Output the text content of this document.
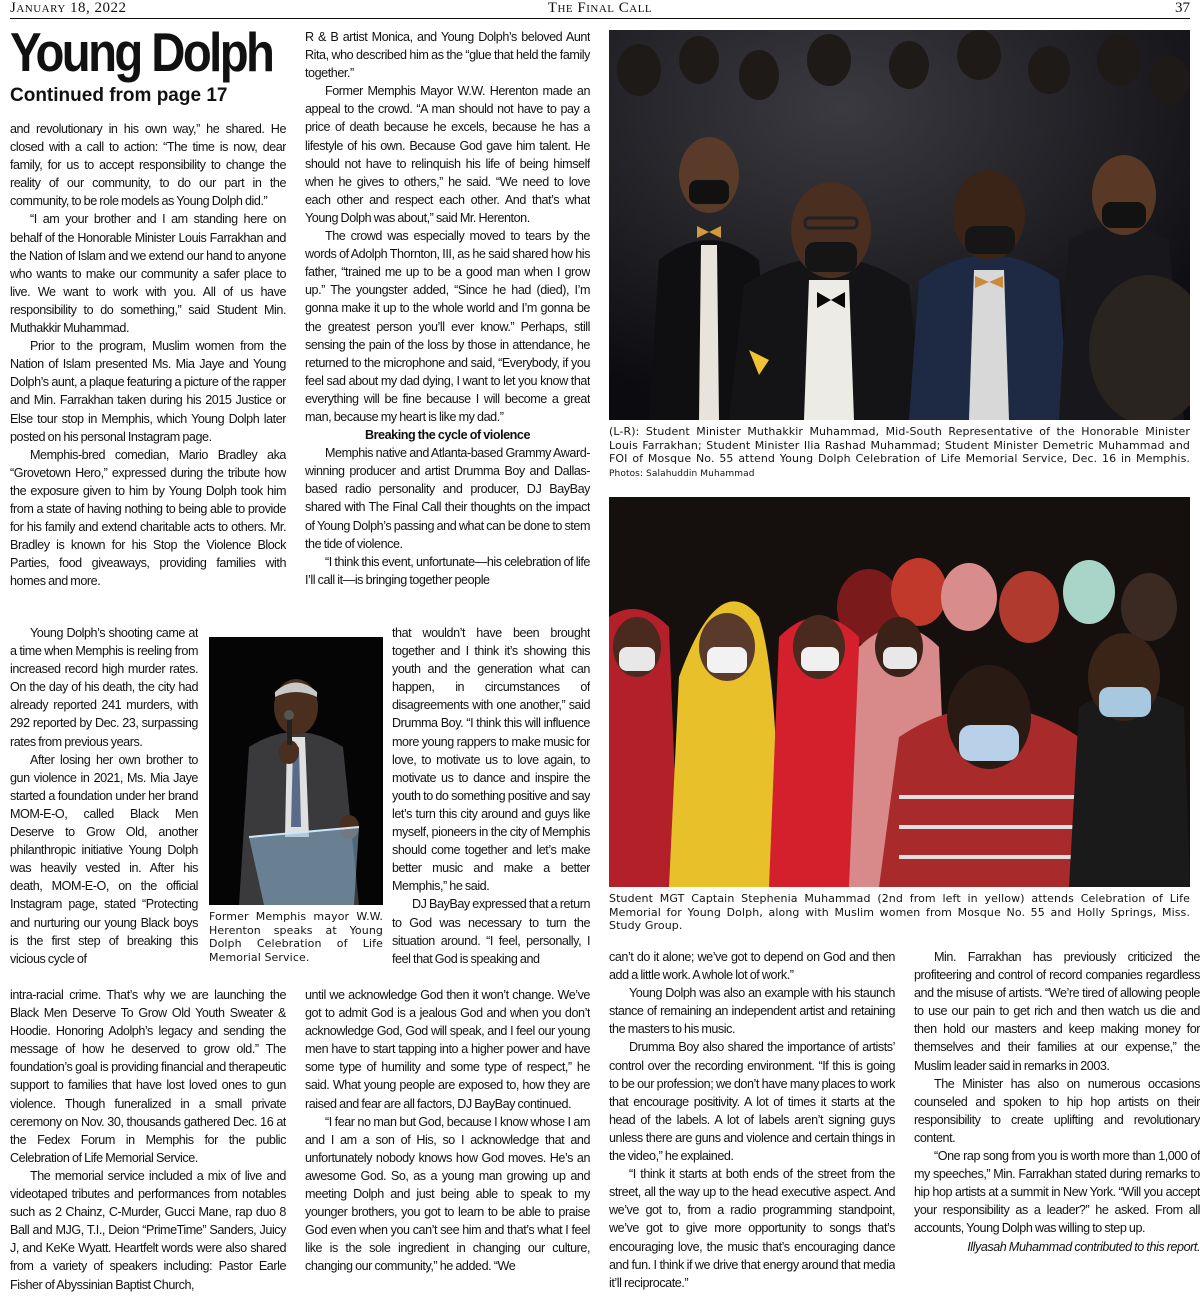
January 18, 2022	The Final Call	37
Young Dolph
Continued from page 17

and revolutionary in his own way,” he shared. He closed with a call to action: “The time is now, dear family, for us to accept responsibility to change the reality of our community, to do our part in the community, to be role models as Young Dolph did.”

“I am your brother and I am standing here on behalf of the Honorable Minister Louis Farrakhan and the Nation of Islam and we extend our hand to anyone who wants to make our community a safer place to live. We want to work with you. All of us have responsibility to do something,” said Student Min. Muthakkir Muhammad.

Prior to the program, Muslim women from the Nation of Islam presented Ms. Mia Jaye and Young Dolph’s aunt, a plaque featuring a picture of the rapper and Min. Farrakhan taken during his 2015 Justice or Else tour stop in Memphis, which Young Dolph later posted on his personal Instagram page.

Memphis-bred comedian, Mario Bradley aka “Grovetown Hero,” expressed during the tribute how the exposure given to him by Young Dolph took him from a state of having nothing to being able to provide for his family and extend charitable acts to others. Mr. Bradley is known for his Stop the Violence Block Parties, food giveaways, providing families with homes and more.

Young Dolph’s shooting came at a time when Memphis is reeling from increased record high murder rates. On the day of his death, the city had already reported 241 murders, with 292 reported by Dec. 23, surpassing rates from previous years.

After losing her own brother to gun violence in 2021, Ms. Mia Jaye started a foundation under her brand MOM-E-O, called Black Men Deserve to Grow Old, another philanthropic initiative Young Dolph was heavily vested in. After his death, MOM-E-O, on the official Instagram page, stated “Protecting and nurturing our young Black boys is the first step of breaking this vicious cycle of

intra-racial crime. That’s why we are launching the Black Men Deserve To Grow Old Youth Sweater & Hoodie. Honoring Adolph’s legacy and sending the message of how he deserved to grow old.” The foundation’s goal is providing financial and therapeutic support to families that have lost loved ones to gun violence. Though funeralized in a small private ceremony on Nov. 30, thousands gathered Dec. 16 at the Fedex Forum in Memphis for the public Celebration of Life Memorial Service.

The memorial service included a mix of live and videotaped tributes and performances from notables such as 2 Chainz, C-Murder, Gucci Mane, rap duo 8 Ball and MJG, T.I., Deion “PrimeTime” Sanders, Juicy J, and KeKe Wyatt. Heartfelt words were also shared from a variety of speakers including: Pastor Earle Fisher of Abyssinian Baptist Church,

R & B artist Monica, and Young Dolph’s beloved Aunt Rita, who described him as the “glue that held the family together.”

Former Memphis Mayor W.W. Herenton made an appeal to the crowd. “A man should not have to pay a price of death because he excels, because he has a lifestyle of his own. Because God gave him talent. He should not have to relinquish his life of being himself when he gives to others,” he said. “We need to love each other and respect each other. And that’s what Young Dolph was about,” said Mr. Herenton.

The crowd was especially moved to tears by the words of Adolph Thornton, III, as he said shared how his father, “trained me up to be a good man when I grow up.” The youngster added, “Since he had (died), I’m gonna make it up to the whole world and I’m gonna be the greatest person you’ll ever know.” Perhaps, still sensing the pain of the loss by those in attendance, he returned to the microphone and said, “Everybody, if you feel sad about my dad dying, I want to let you know that everything will be fine because I will become a great man, because my heart is like my dad.”

Breaking the cycle of violence

Memphis native and Atlanta-based Grammy Award-winning producer and artist Drumma Boy and Dallas-based radio personality and producer, DJ BayBay shared with The Final Call their thoughts on the impact of Young Dolph’s passing and what can be done to stem the tide of violence.

“I think this event, unfortunate—his celebration of life I’ll call it—is bringing together people

that wouldn’t have been brought together and I think it’s showing this youth and the generation what can happen, in circumstances of disagreements with one another,” said Drumma Boy. “I think this will influence more young rappers to make music for love, to motivate us to love again, to motivate us to dance and inspire the youth to do something positive and say let’s turn this city around and guys like myself, pioneers in the city of Memphis should come together and let’s make better music and make a better Memphis,” he said.

DJ BayBay expressed that a return to God was necessary to turn the situation around. “I feel, personally, I feel that God is speaking and

until we acknowledge God then it won’t change. We’ve got to admit God is a jealous God and when you don’t acknowledge God, God will speak, and I feel our young men have to start tapping into a higher power and have some type of humility and some type of respect,” he said. What young people are exposed to, how they are raised and fear are all factors, DJ BayBay continued.

“I fear no man but God, because I know whose I am and I am a son of His, so I acknowledge that and unfortunately nobody knows how God moves. He’s an awesome God. So, as a young man growing up and meeting Dolph and just being able to speak to my younger brothers, you got to learn to be able to praise God even when you can’t see him and that’s what I feel like is the sole ingredient in changing our culture, changing our community,” he added. “We

can’t do it alone; we’ve got to depend on God and then add a little work. A whole lot of work.”

Young Dolph was also an example with his staunch stance of remaining an independent artist and retaining the masters to his music.

Drumma Boy also shared the importance of artists’ control over the recording environment. “If this is going to be our profession; we don’t have many places to work that encourage positivity. A lot of times it starts at the head of the labels. A lot of labels aren’t signing guys unless there are guns and violence and certain things in the video,” he explained.

“I think it starts at both ends of the street from the street, all the way up to the head executive aspect. And we’ve got to, from a radio programming standpoint, we’ve got to give more opportunity to songs that’s encouraging love, the music that’s encouraging dance and fun. I think if we drive that energy around that media it’ll reciprocate.”

Min. Farrakhan has previously criticized the profiteering and control of record companies regardless and the misuse of artists. “We’re tired of allowing people to use our pain to get rich and then watch us die and then hold our masters and keep making money for themselves and their families at our expense,” the Muslim leader said in remarks in 2003.

The Minister has also on numerous occasions counseled and spoken to hip hop artists on their responsibility to create uplifting and revolutionary content.

“One rap song from you is worth more than 1,000 of my speeches,” Min. Farrakhan stated during remarks to hip hop artists at a summit in New York. “Will you accept your responsibility as a leader?” he asked. From all accounts, Young Dolph was willing to step up.

Illyasah Muhammad contributed to this report.

(L-R): Student Minister Muthakkir Muhammad, Mid-South Representative of the Honorable Minister Louis Farrakhan; Student Minister Ilia Rashad Muhammad; Student Minister Demetric Muhammad and FOI of Mosque No. 55 attend Young Dolph Celebration of Life Memorial Service, Dec. 16 in Memphis. Photos: Salahuddin Muhammad
Student MGT Captain Stephenia Muhammad (2nd from left in yellow) attends Celebration of Life Memorial for Young Dolph, along with Muslim women from Mosque No. 55 and Holly Springs, Miss. Study Group.
Former Memphis mayor W.W. Herenton speaks at Young Dolph Celebration of Life Memorial Service.
